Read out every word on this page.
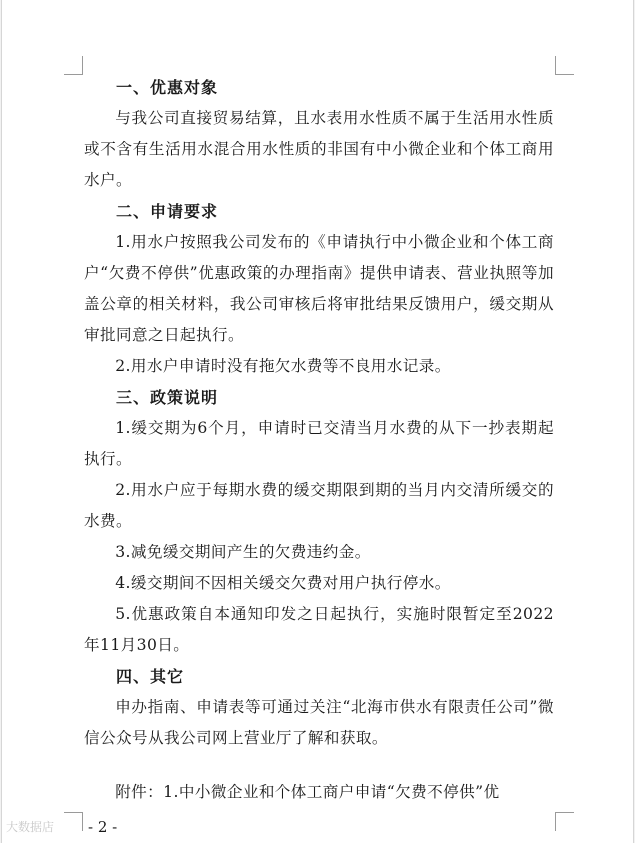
一、优惠对象

与我公司直接贸易结算，且水表用水性质不属于生活用水性质或不含有生活用水混合用水性质的非国有中小微企业和个体工商用水户。

二、申请要求

1.用水户按照我公司发布的《申请执行中小微企业和个体工商户“欠费不停供”优惠政策的办理指南》提供申请表、营业执照等加盖公章的相关材料，我公司审核后将审批结果反馈用户，缓交期从审批同意之日起执行。

2.用水户申请时没有拖欠水费等不良用水记录。

三、政策说明

1.缓交期为6个月，申请时已交清当月水费的从下一抄表期起执行。

2.用水户应于每期水费的缓交期限到期的当月内交清所缓交的水费。

3.减免缓交期间产生的欠费违约金。

4.缓交期间不因相关缓交欠费对用户执行停水。

5.优惠政策自本通知印发之日起执行，实施时限暂定至2022年11月30日。

四、其它

申办指南、申请表等可通过关注“北海市供水有限责任公司”微信公众号从我公司网上营业厅了解和获取。

附件：1.中小微企业和个体工商户申请“欠费不停供”优

- 2 -
大数据店
